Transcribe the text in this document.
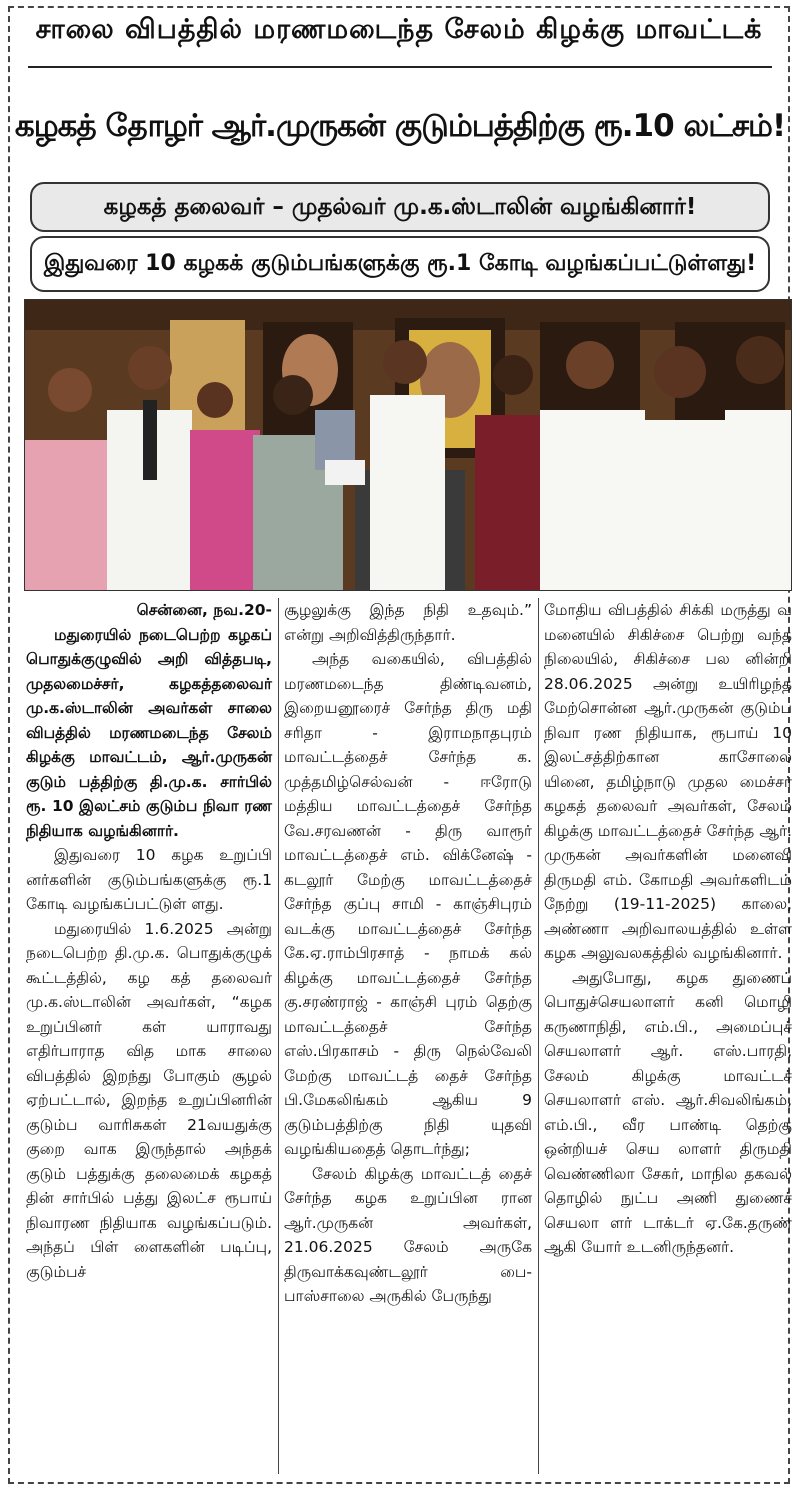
சாலை விபத்தில் மரணமடைந்த சேலம் கிழக்கு மாவட்டக்
கழகத் தோழர் ஆர்.முருகன் குடும்பத்திற்கு ரூ.10 லட்சம்!
கழகத் தலைவர் – முதல்வர் மு.க.ஸ்டாலின் வழங்கினார்!
இதுவரை 10 கழகக் குடும்பங்களுக்கு ரூ.1 கோடி வழங்கப்பட்டுள்ளது!
சென்னை, நவ.20-

மதுரையில் நடைபெற்ற கழகப் பொதுக்குழுவில் அறி வித்தபடி, முதலமைச்சர், கழகத்தலைவர் மு.க.ஸ்டாலின் அவர்கள் சாலை விபத்தில் மரணமடைந்த சேலம் கிழக்கு மாவட்டம், ஆர்.முருகன் குடும் பத்திற்கு தி.மு.க. சார்பில் ரூ. 10 இலட்சம் குடும்ப நிவா ரண நிதியாக வழங்கினார்.

இதுவரை 10 கழக உறுப்பி னர்களின் குடும்பங்களுக்கு ரூ.1 கோடி வழங்கப்பட்டுள் ளது.

மதுரையில் 1.6.2025 அன்று நடைபெற்ற தி.மு.க. பொதுக்குழுக் கூட்டத்தில், கழ கத் தலைவர் மு.க.ஸ்டாலின் அவர்கள், “கழக உறுப்பினர் கள் யாராவது எதிர்பாராத வித மாக சாலை விபத்தில் இறந்து போகும் சூழல் ஏற்பட்டால், இறந்த உறுப்பினரின் குடும்ப வாரிசுகள் 21வயதுக்கு குறை வாக இருந்தால் அந்தக் குடும் பத்துக்கு தலைமைக் கழகத் தின் சார்பில் பத்து இலட்ச ரூபாய் நிவாரண நிதியாக வழங்கப்படும். அந்தப் பிள் ளைகளின் படிப்பு, குடும்பச்

சூழலுக்கு இந்த நிதி உதவும்.” என்று அறிவித்திருந்தார்.

அந்த வகையில், விபத்தில் மரணமடைந்த திண்டிவனம், இறையனூரைச் சேர்ந்த திரு மதி சரிதா - இராமநாதபுரம் மாவட்டத்தைச் சேர்ந்த க. முத்தமிழ்செல்வன் - ஈரோடு மத்திய மாவட்டத்தைச் சேர்ந்த வே.சரவணன் - திரு வாரூர் மாவட்டத்தைச் எம். விக்னேஷ் - கடலூர் மேற்கு மாவட்டத்தைச் சேர்ந்த குப்பு சாமி - காஞ்சிபுரம் வடக்கு மாவட்டத்தைச் சேர்ந்த கே.ஏ.ராம்பிரசாத் - நாமக் கல் கிழக்கு மாவட்டத்தைச் சேர்ந்த கு.சரண்ராஜ் - காஞ்சி புரம் தெற்கு மாவட்டத்தைச் சேர்ந்த எஸ்.பிரகாசம் - திரு நெல்வேலி மேற்கு மாவட்டத் தைச் சேர்ந்த பி.மேகலிங்கம் ஆகிய 9 குடும்பத்திற்கு நிதி யுதவி வழங்கியதைத் தொடர்ந்து;

சேலம் கிழக்கு மாவட்டத் தைச் சேர்ந்த கழக உறுப்பின ரான ஆர்.முருகன் அவர்கள், 21.06.2025 சேலம் அருகே திருவாக்கவுண்டலூர் பை- பாஸ்சாலை அருகில் பேருந்து

மோதிய விபத்தில் சிக்கி மருத்து வ மனையில் சிகிச்சை பெற்று வந்த நிலையில், சிகிச்சை பல னின்றி 28.06.2025 அன்று உயிரிழந்த மேற்சொன்ன ஆர்.முருகன் குடும்ப நிவா ரண நிதியாக, ரூபாய் 10 இலட்சத்திற்கான காசோலை யினை, தமிழ்நாடு முதல மைச்சர் கழகத் தலைவர் அவர்கள், சேலம் கிழக்கு மாவட்டத்தைச் சேர்ந்த ஆர். முருகன் அவர்களின் மனைவி திருமதி எம். கோமதி அவர்களிடம் நேற்று (19-11-2025) காலை, அண்ணா அறிவாலயத்தில் உள்ள கழக அலுவலகத்தில் வழங்கினார்.

அதுபோது, கழக துணைப் பொதுச்செயலாளர் கனி மொழி கருணாநிதி, எம்.பி., அமைப்புச் செயலாளர் ஆர். எஸ்.பாரதி, சேலம் கிழக்கு மாவட்டச் செயலாளர் எஸ். ஆர்.சிவலிங்கம், எம்.பி., வீர பாண்டி தெற்கு ஒன்றியச் செய லாளர் திருமதி வெண்ணிலா சேகர், மாநில தகவல் தொழில் நுட்ப அணி துணைச் செயலா ளர் டாக்டர் ஏ.கே.தருண் ஆகி யோர் உடனிருந்தனர்.
